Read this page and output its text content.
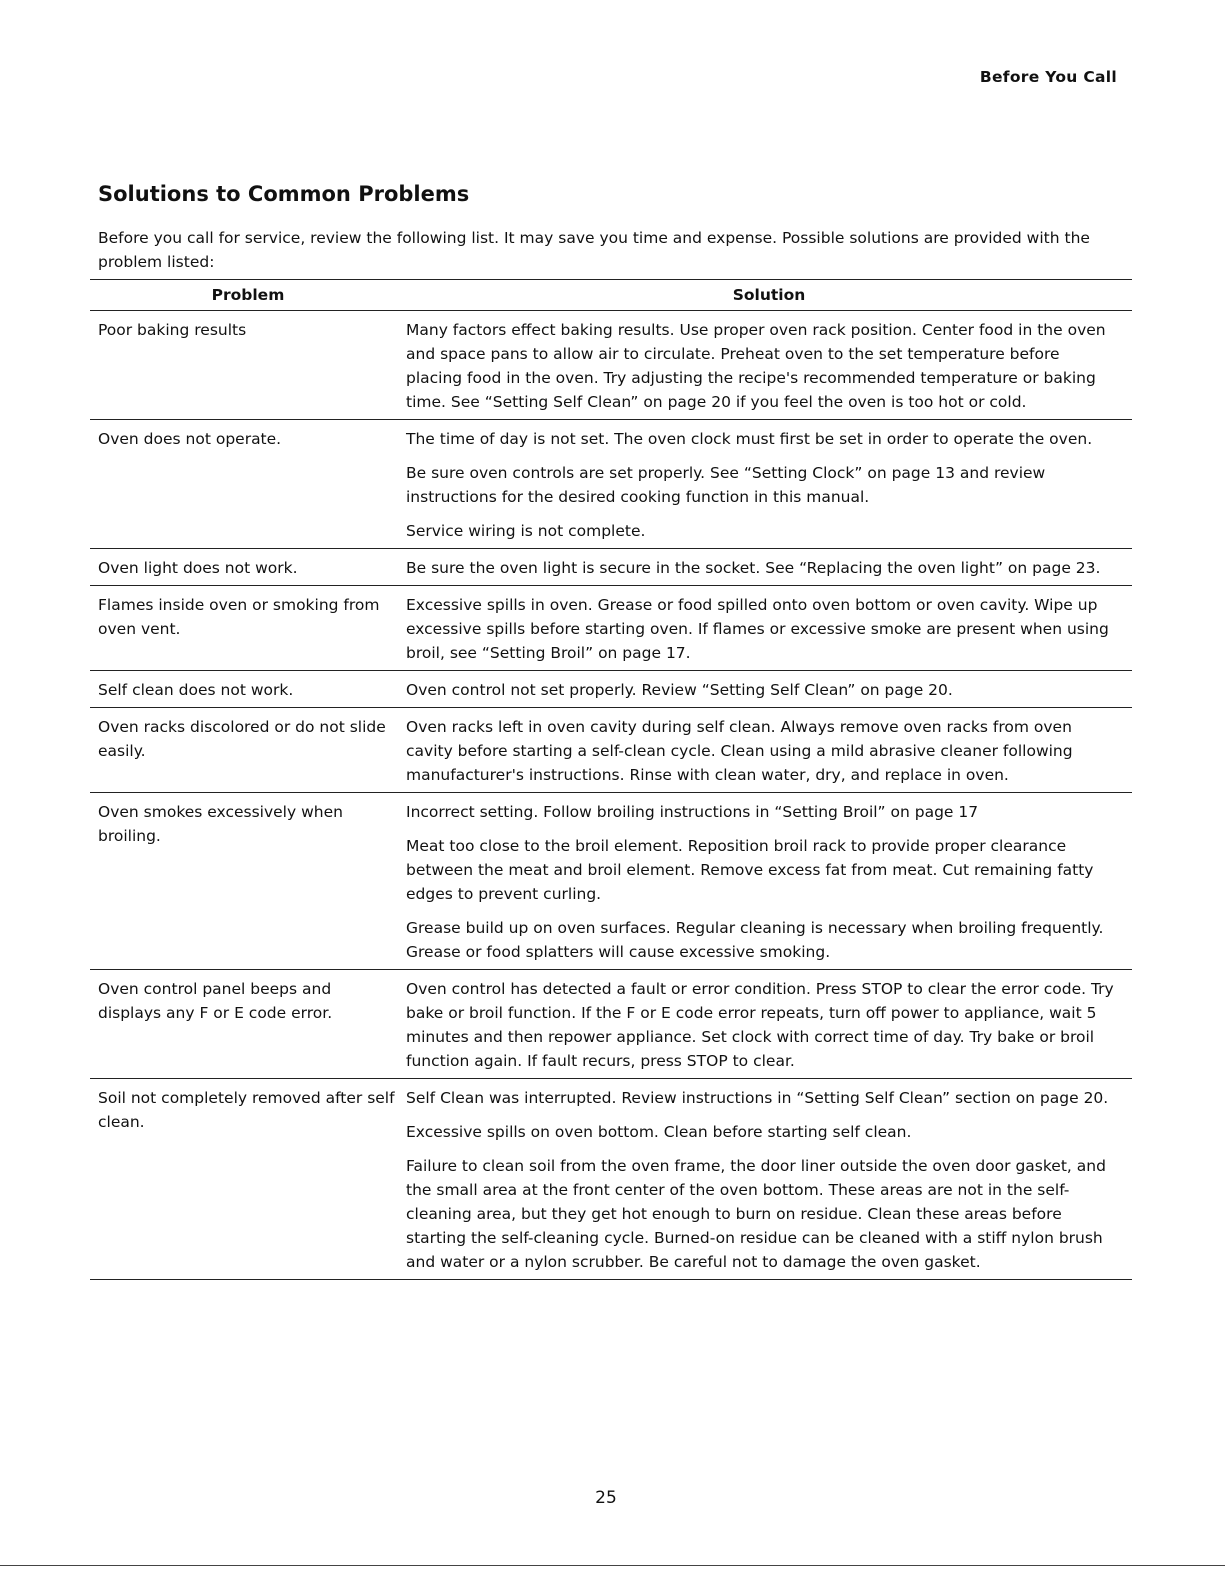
Before You Call
Solutions to Common Problems

Before you call for service, review the following list. It may save you time and expense. Possible solutions are provided with the problem listed:

Problem	Solution
Poor baking results	Many factors effect baking results. Use proper oven rack position. Center food in the oven and space pans to allow air to circulate. Preheat oven to the set temperature before placing food in the oven. Try adjusting the recipe's recommended temperature or baking time. See “Setting Self Clean” on page 20 if you feel the oven is too hot or cold.

Oven does not operate.	The time of day is not set. The oven clock must first be set in order to operate the oven.

Be sure oven controls are set properly. See “Setting Clock” on page 13 and review instructions for the desired cooking function in this manual.

Service wiring is not complete.

Oven light does not work.	Be sure the oven light is secure in the socket. See “Replacing the oven light” on page 23.

Flames inside oven or smoking from oven vent.	Excessive spills in oven. Grease or food spilled onto oven bottom or oven cavity. Wipe up excessive spills before starting oven. If flames or excessive smoke are present when using broil, see “Setting Broil” on page 17.

Self clean does not work.	Oven control not set properly. Review “Setting Self Clean” on page 20.

Oven racks discolored or do not slide easily.	Oven racks left in oven cavity during self clean. Always remove oven racks from oven cavity before starting a self-clean cycle. Clean using a mild abrasive cleaner following manufacturer's instructions. Rinse with clean water, dry, and replace in oven.

Oven smokes excessively when broiling.	Incorrect setting. Follow broiling instructions in “Setting Broil” on page 17

Meat too close to the broil element. Reposition broil rack to provide proper clearance between the meat and broil element. Remove excess fat from meat. Cut remaining fatty edges to prevent curling.

Grease build up on oven surfaces. Regular cleaning is necessary when broiling frequently. Grease or food splatters will cause excessive smoking.

Oven control panel beeps and displays any F or E code error.	Oven control has detected a fault or error condition. Press STOP to clear the error code. Try bake or broil function. If the F or E code error repeats, turn off power to appliance, wait 5 minutes and then repower appliance. Set clock with correct time of day. Try bake or broil function again. If fault recurs, press STOP to clear.

Soil not completely removed after self clean.	Self Clean was interrupted. Review instructions in “Setting Self Clean” section on page 20.

Excessive spills on oven bottom. Clean before starting self clean.

Failure to clean soil from the oven frame, the door liner outside the oven door gasket, and the small area at the front center of the oven bottom. These areas are not in the self-cleaning area, but they get hot enough to burn on residue. Clean these areas before starting the self-cleaning cycle. Burned-on residue can be cleaned with a stiff nylon brush and water or a nylon scrubber. Be careful not to damage the oven gasket.

25
